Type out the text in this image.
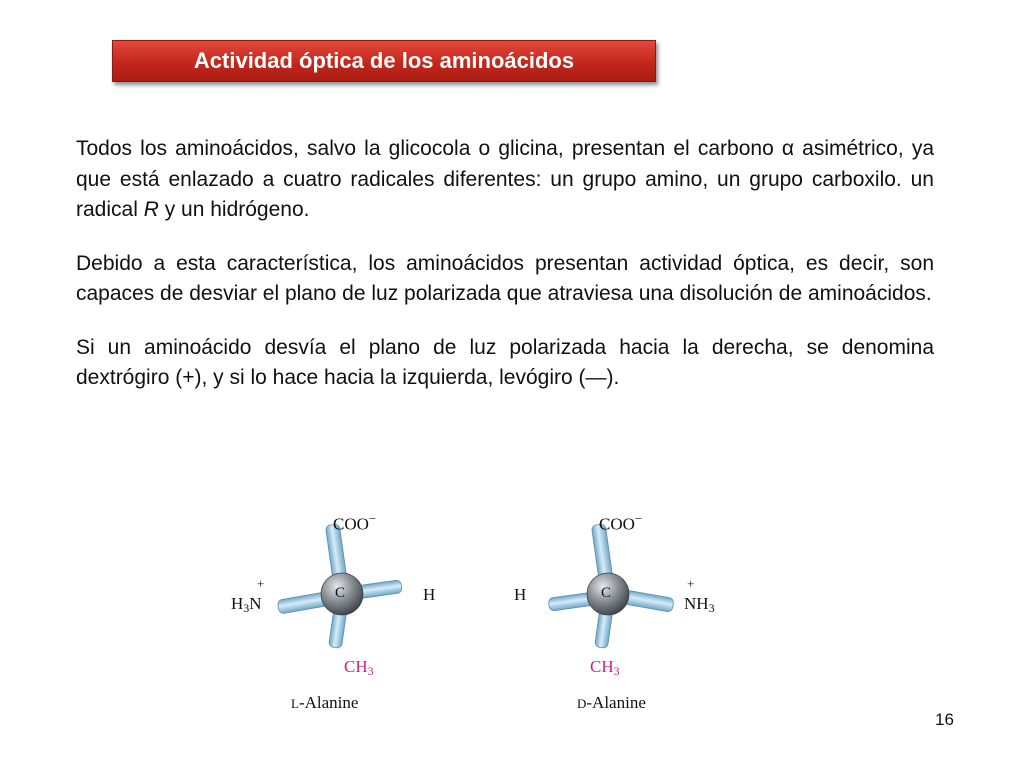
Actividad óptica de los aminoácidos

Todos los aminoácidos, salvo la glicocola o glicina, presentan el carbono α asimétrico, ya que está enlazado a cuatro radicales diferentes: un grupo amino, un grupo carboxilo. un radical R y un hidrógeno.

Debido a esta característica, los aminoácidos presentan actividad óptica, es decir, son capaces de desviar el plano de luz polarizada que atraviesa una disolución de aminoácidos.

Si un aminoácido desvía el plano de luz polarizada hacia la derecha, se denomina dextrógiro (+), y si lo hace hacia la izquierda, levógiro (—).

COO−
C
+
$H_3N$	H
$CH_3$
L-Alanine
COO−
C
H
+
$NH_3$
$CH_3$
D-Alanine
16
